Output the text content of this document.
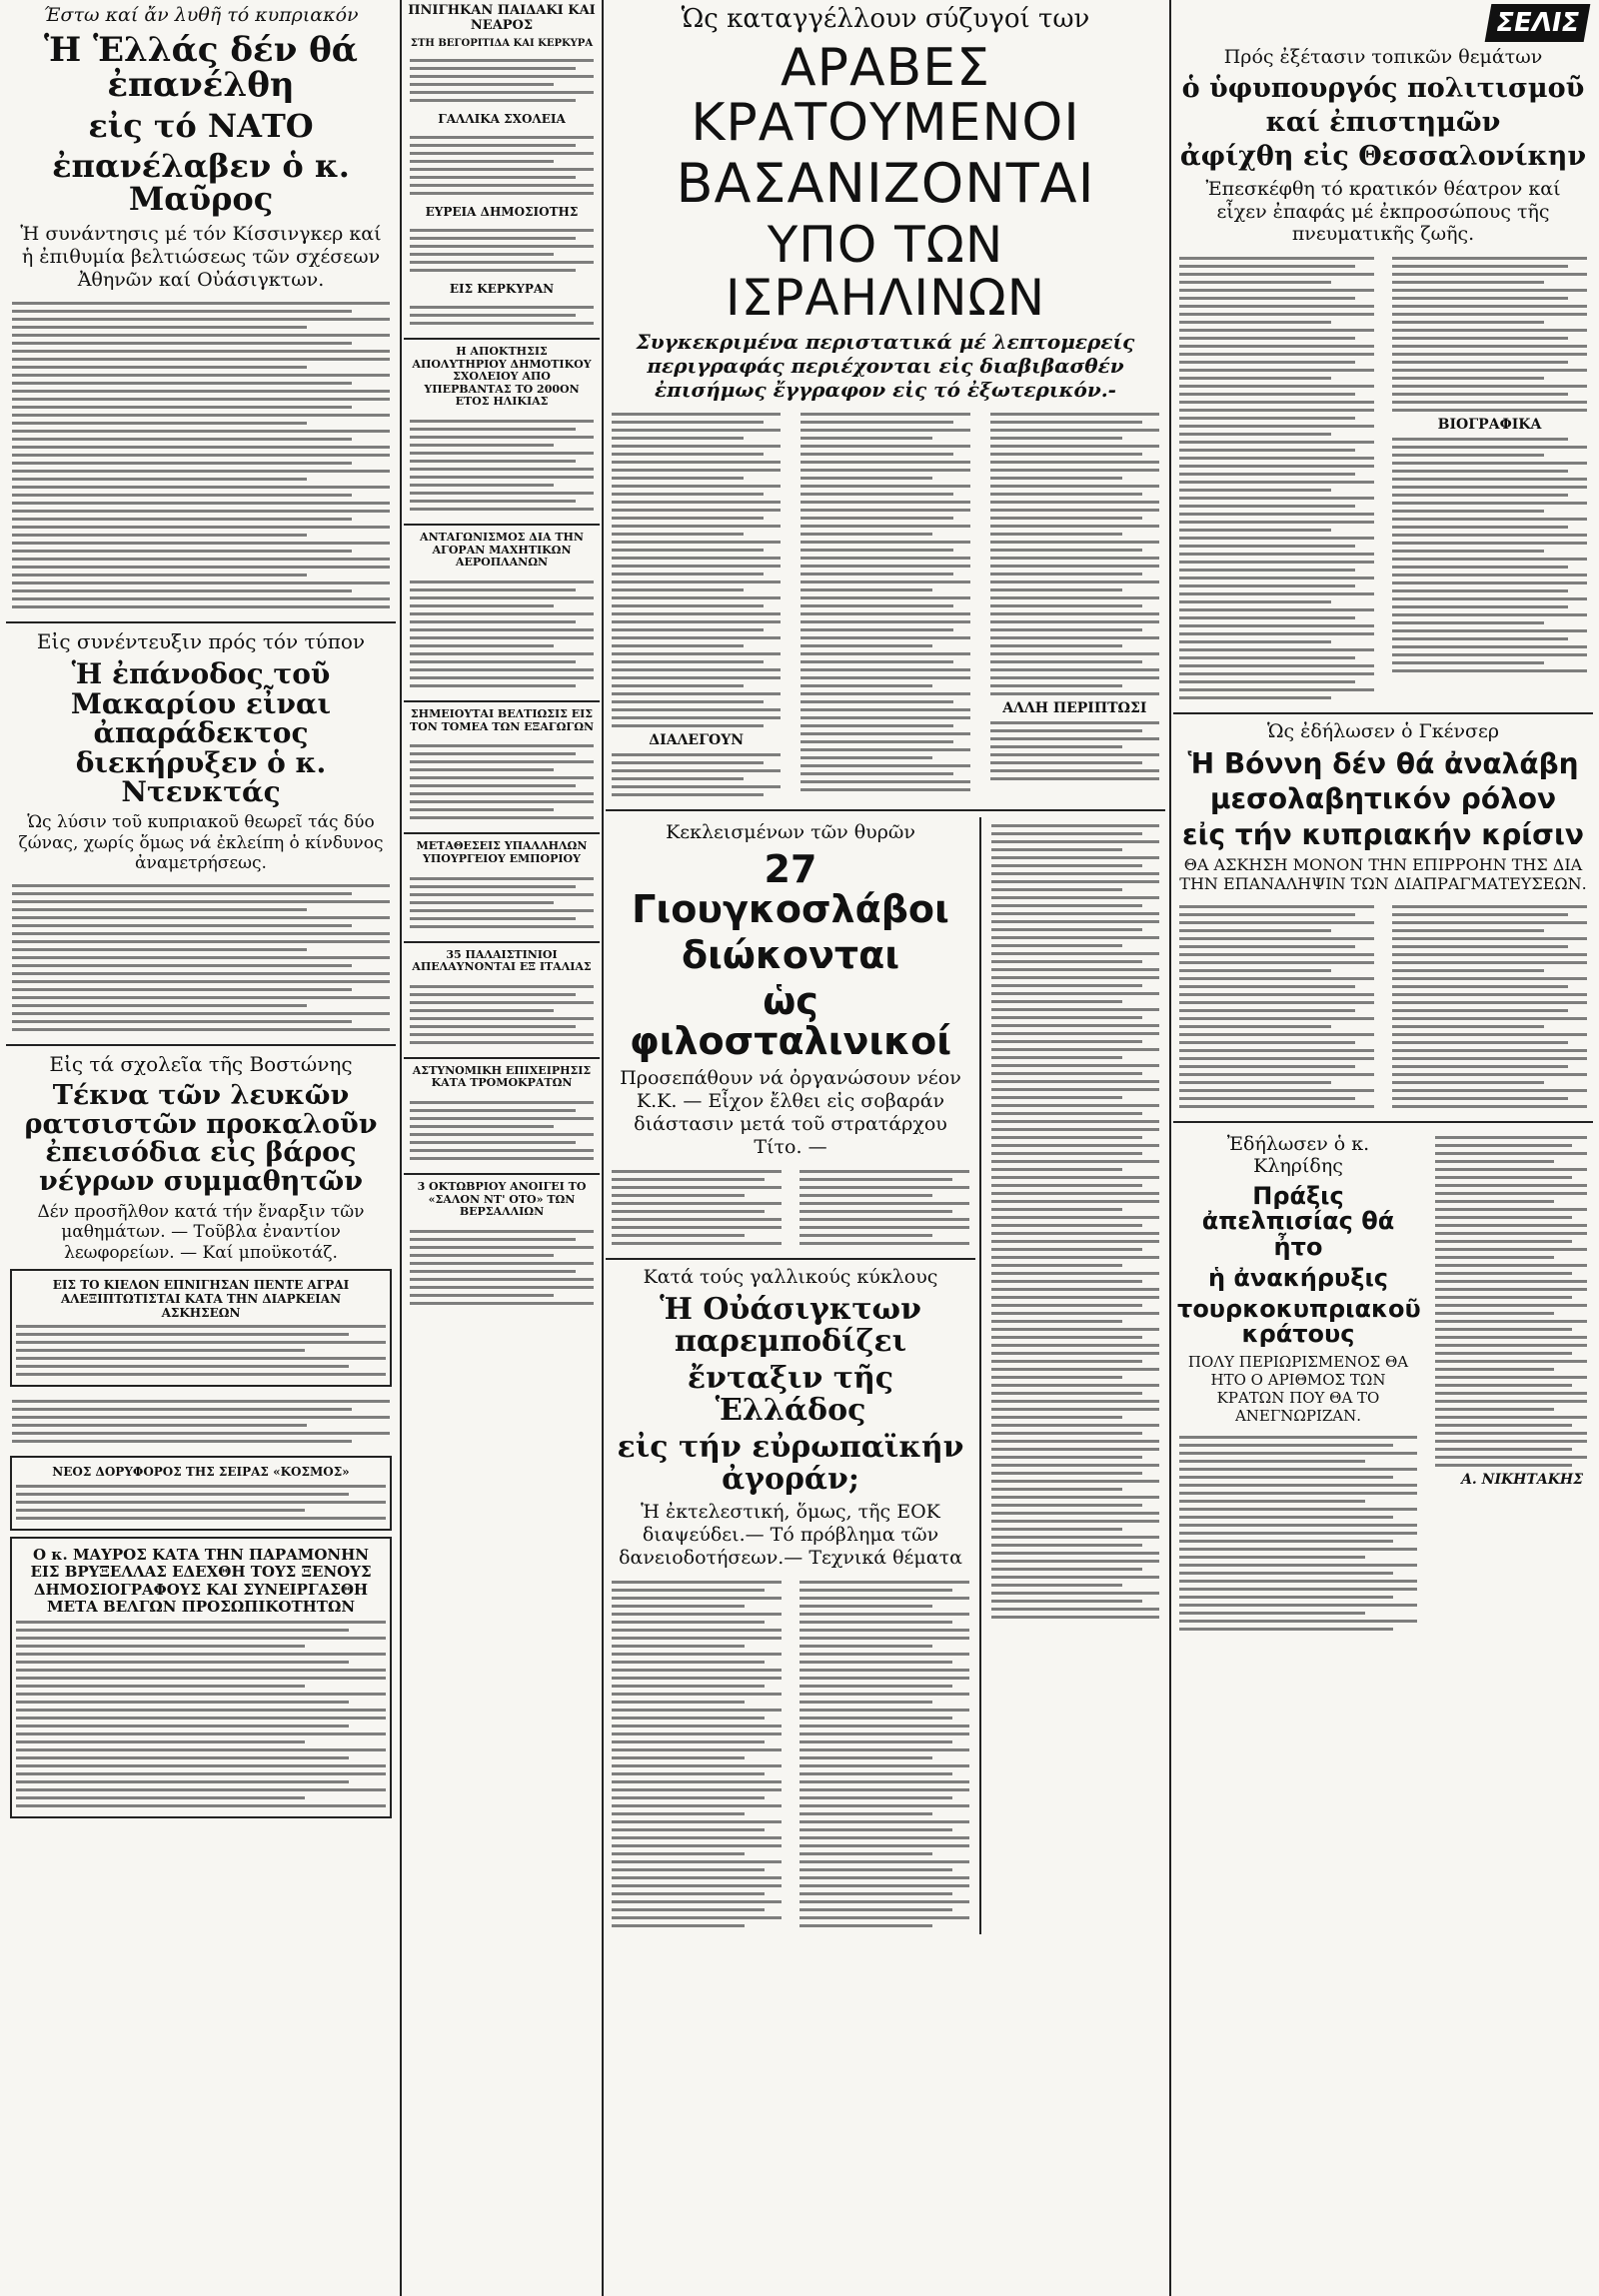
Έστω καί ἄν λυθῆ τό κυπριακόν
Ἡ Ἑλλάς δέν θά ἐπανέλθη
εἰς τό ΝΑΤΟ
ἐπανέλαβεν ὁ κ. Μαῦρος
Ἡ συνάντησις μέ τόν Κίσσινγκερ καί ἡ ἐπιθυμία βελτιώσεως τῶν σχέσεων Ἀθηνῶν καί Οὐάσιγκτων.
Εἰς συνέντευξιν πρός τόν τύπον
Ἡ ἐπάνοδος τοῦ Μακαρίου εἶναι ἀπαράδεκτος διεκήρυξεν ὁ κ. Ντενκτάς
Ὡς λύσιν τοῦ κυπριακοῦ θεωρεῖ τάς δύο ζώνας, χωρίς ὅμως νά ἐκλείπη ὁ κίνδυνος ἀναμετρήσεως.
Εἰς τά σχολεῖα τῆς Βοστώνης
Τέκνα τῶν λευκῶν ρατσιστῶν προκαλοῦν ἐπεισόδια εἰς βάρος νέγρων συμμαθητῶν
Δέν προσῆλθον κατά τήν ἔναρξιν τῶν μαθημάτων. — Τοῦβλα ἐναντίον λεωφορείων. — Καί μποϋκοτάζ.
ΕΙΣ ΤΟ ΚΙΕΛΟΝ ΕΠΝΙΓΗΣΑΝ ΠΕΝΤΕ ΑΓΡΑΙ ΑΛΕΞΙΠΤΩΤΙΣΤΑΙ ΚΑΤΑ ΤΗΝ ΔΙΑΡΚΕΙΑΝ ΑΣΚΗΣΕΩΝ
ΝΕΟΣ ΔΟΡΥΦΟΡΟΣ ΤΗΣ ΣΕΙΡΑΣ «ΚΟΣΜΟΣ»
Ο κ. ΜΑΥΡΟΣ ΚΑΤΑ ΤΗΝ ΠΑΡΑΜΟΝΗΝ ΕΙΣ ΒΡΥΞΕΛΛΑΣ ΕΔΕΧΘΗ ΤΟΥΣ ΞΕΝΟΥΣ ΔΗΜΟΣΙΟΓΡΑΦΟΥΣ ΚΑΙ ΣΥΝΕΙΡΓΑΣΘΗ ΜΕΤΑ ΒΕΛΓΩΝ ΠΡΟΣΩΠΙΚΟΤΗΤΩΝ
ΠΝΙΓΗΚΑΝ ΠΑΙΔΑΚΙ ΚΑΙ ΝΕΑΡΟΣ
ΣΤΗ ΒΕΓΟΡΙΤΙΔΑ ΚΑΙ ΚΕΡΚΥΡΑ
ΓΑΛΛΙΚΑ ΣΧΟΛΕΙΑ
ΕΥΡΕΙΑ ΔΗΜΟΣΙΟΤΗΣ
ΕΙΣ ΚΕΡΚΥΡΑΝ
Η ΑΠΟΚΤΗΣΙΣ ΑΠΟΛΥΤΗΡΙΟΥ ΔΗΜΟΤΙΚΟΥ ΣΧΟΛΕΙΟΥ ΑΠΟ ΥΠΕΡΒΑΝΤΑΣ ΤΟ 200ΟΝ ΕΤΟΣ ΗΛΙΚΙΑΣ
ΑΝΤΑΓΩΝΙΣΜΟΣ ΔΙΑ ΤΗΝ ΑΓΟΡΑΝ ΜΑΧΗΤΙΚΩΝ ΑΕΡΟΠΛΑΝΩΝ
ΣΗΜΕΙΟΥΤΑΙ ΒΕΛΤΙΩΣΙΣ ΕΙΣ ΤΟΝ ΤΟΜΕΑ ΤΩΝ ΕΞΑΓΩΓΩΝ
ΜΕΤΑΘΕΣΕΙΣ ΥΠΑΛΛΗΛΩΝ ΥΠΟΥΡΓΕΙΟΥ ΕΜΠΟΡΙΟΥ
35 ΠΑΛΑΙΣΤΙΝΙΟΙ ΑΠΕΛΑΥΝΟΝΤΑΙ ΕΞ ΙΤΑΛΙΑΣ
ΑΣΤΥΝΟΜΙΚΗ ΕΠΙΧΕΙΡΗΣΙΣ ΚΑΤΑ ΤΡΟΜΟΚΡΑΤΩΝ
3 ΟΚΤΩΒΡΙΟΥ ΑΝΟΙΓΕΙ ΤΟ «ΣΑΛΟΝ ΝΤ' ΟΤΟ» ΤΩΝ ΒΕΡΣΑΛΛΙΩΝ
Ὡς καταγγέλλουν σύζυγοί των
ΑΡΑΒΕΣ ΚΡΑΤΟΥΜΕΝΟΙ
ΒΑΣΑΝΙΖΟΝΤΑΙ
ΥΠΟ ΤΩΝ ΙΣΡΑΗΛΙΝΩΝ
Συγκεκριμένα περιστατικά μέ λεπτομερείς περιγραφάς περιέχονται εἰς διαβιβασθέν ἐπισήμως ἔγγραφον εἰς τό ἐξωτερικόν.-
ΔΙΑΛΕΓΟΥΝ
ΑΛΛΗ ΠΕΡΙΠΤΩΣΙ
Κεκλεισμένων τῶν θυρῶν
27 Γιουγκοσλάβοι
διώκονται
ὡς φιλοσταλινικοί
Προσεπάθουν νά ὀργανώσουν νέον Κ.Κ. — Εἶχον ἔλθει εἰς σοβαράν διάστασιν μετά τοῦ στρατάρχου Τίτο. —
Κατά τούς γαλλικούς κύκλους
Ἡ Οὐάσιγκτων παρεμποδίζει
ἔνταξιν τῆς Ἑλλάδος
εἰς τήν εὐρωπαϊκήν ἀγοράν;
Ἡ ἐκτελεστική, ὅμως, τῆς ΕΟΚ διαψεύδει.— Τό πρόβλημα τῶν δανειοδοτήσεων.— Τεχνικά θέματα
ΣΕΛΙΣ
Πρός ἐξέτασιν τοπικῶν θεμάτων
ὁ ὑφυπουργός πολιτισμοῦ
καί ἐπιστημῶν
ἀφίχθη εἰς Θεσσαλονίκην
Ἐπεσκέφθη τό κρατικόν θέατρον καί εἶχεν ἐπαφάς μέ ἐκπροσώπους τῆς πνευματικῆς ζωῆς.
ΒΙΟΓΡΑΦΙΚΑ
Ὡς ἐδήλωσεν ὁ Γκένσερ
Ἡ Βόννη δέν θά ἀναλάβη
μεσολαβητικόν ρόλον
εἰς τήν κυπριακήν κρίσιν
ΘΑ ΑΣΚΗΣΗ ΜΟΝΟΝ ΤΗΝ ΕΠΙΡΡΟΗΝ ΤΗΣ ΔΙΑ ΤΗΝ ΕΠΑΝΑΛΗΨΙΝ ΤΩΝ ΔΙΑΠΡΑΓΜΑΤΕΥΣΕΩΝ.
Ἐδήλωσεν ὁ κ. Κληρίδης
Πράξις ἀπελπισίας θά ἦτο
ἡ ἀνακήρυξις
τουρκοκυπριακοῦ κράτους
ΠΟΛΥ ΠΕΡΙΩΡΙΣΜΕΝΟΣ ΘΑ ΗΤΟ Ο ΑΡΙΘΜΟΣ ΤΩΝ ΚΡΑΤΩΝ ΠΟΥ ΘΑ ΤΟ ΑΝΕΓΝΩΡΙΖΑΝ.
Α. ΝΙΚΗΤΑΚΗΣ
